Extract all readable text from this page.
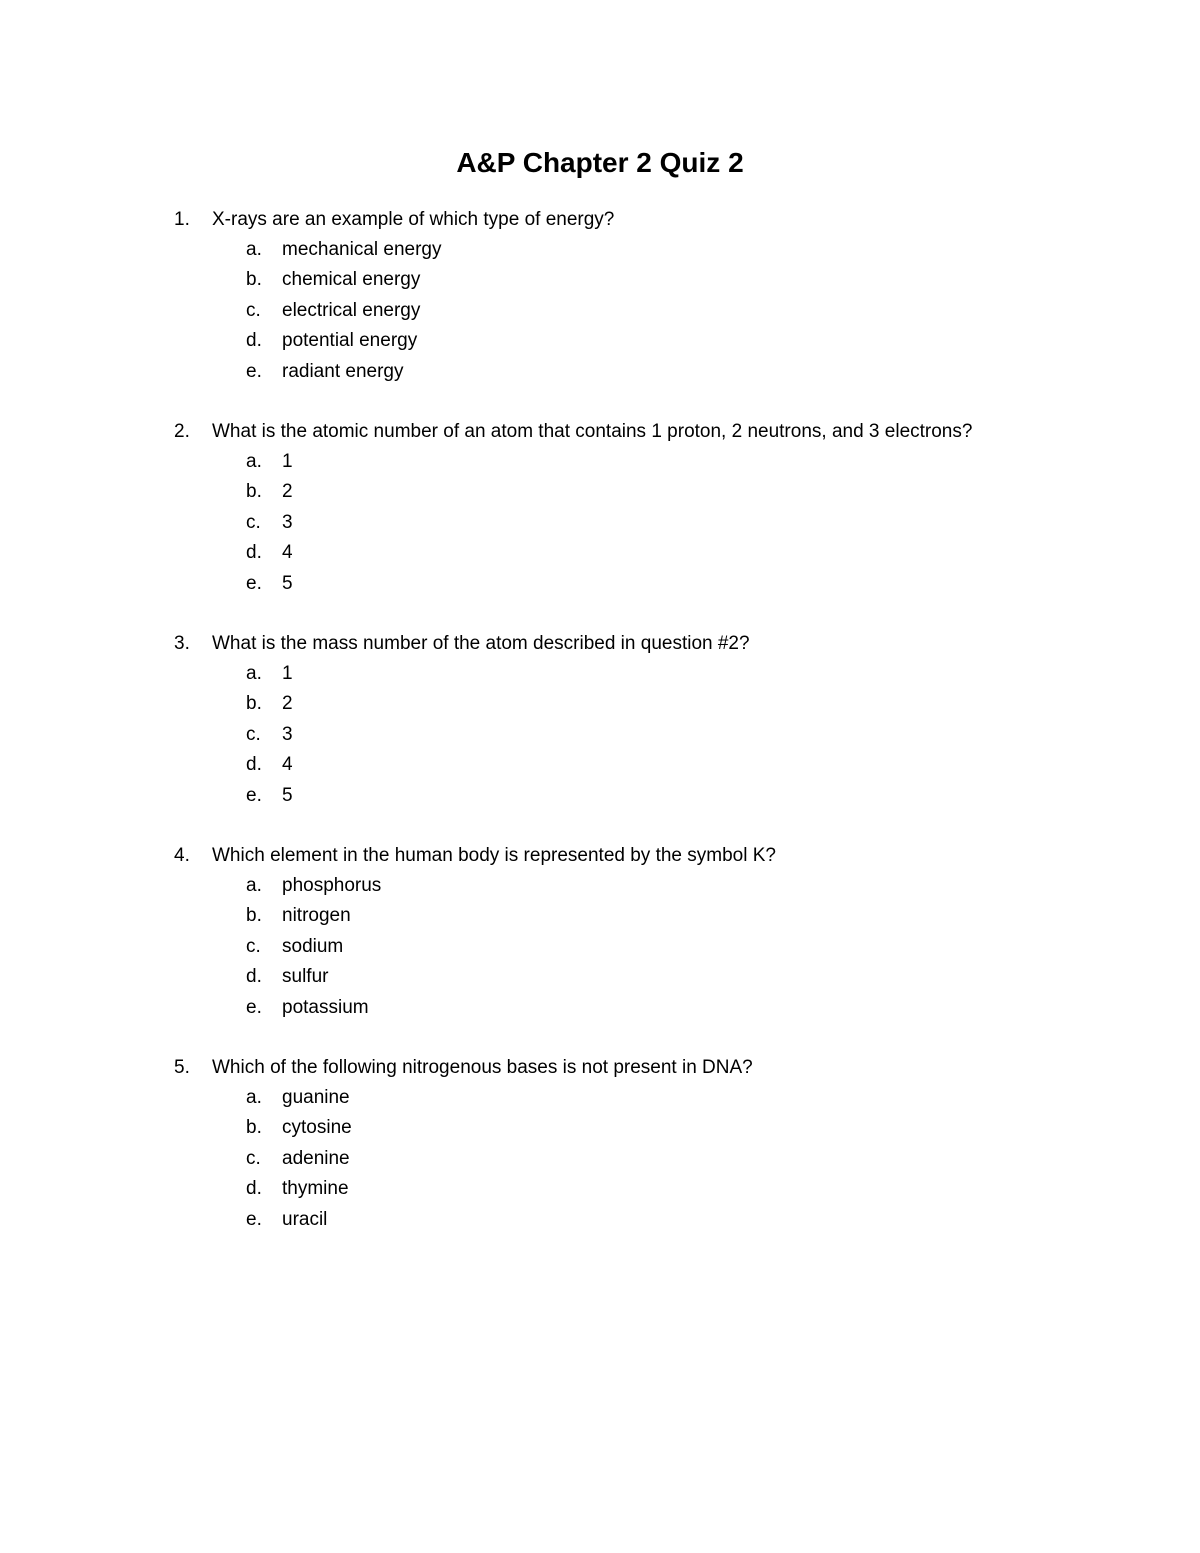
A&P Chapter 2 Quiz 2
1. X-rays are an example of which type of energy?
a. mechanical energy
b. chemical energy
c. electrical energy
d. potential energy
e. radiant energy
2. What is the atomic number of an atom that contains 1 proton, 2 neutrons, and 3 electrons?
a. 1
b. 2
c. 3
d. 4
e. 5
3. What is the mass number of the atom described in question #2?
a. 1
b. 2
c. 3
d. 4
e. 5
4. Which element in the human body is represented by the symbol K?
a. phosphorus
b. nitrogen
c. sodium
d. sulfur
e. potassium
5. Which of the following nitrogenous bases is not present in DNA?
a. guanine
b. cytosine
c. adenine
d. thymine
e. uracil
